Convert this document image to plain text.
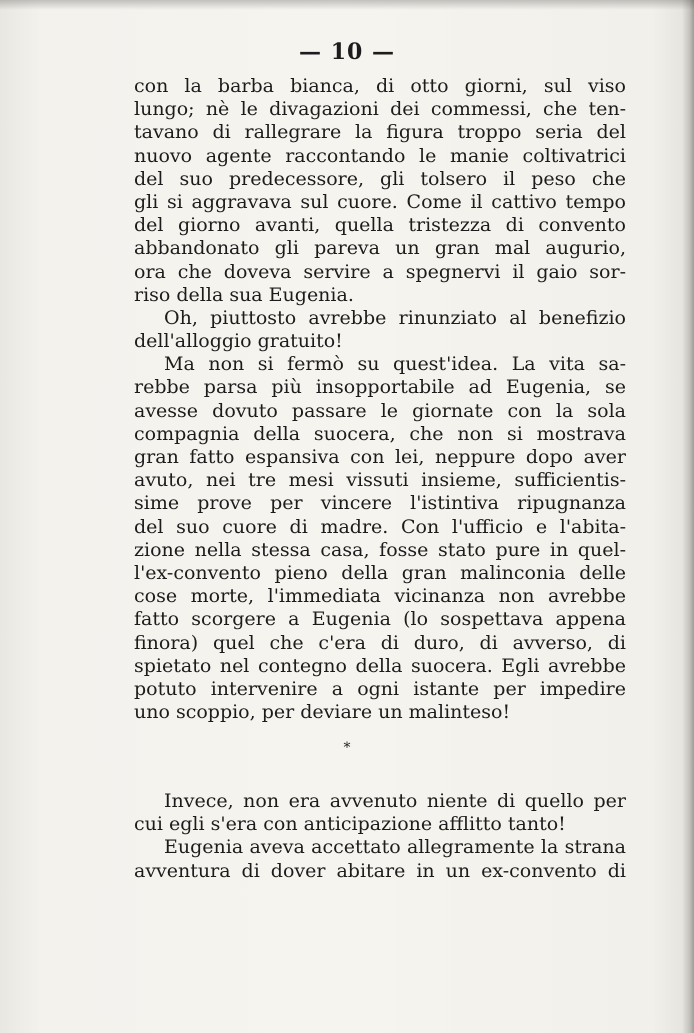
— 10 —
con la barba bianca, di otto giorni, sul viso
lungo; nè le divagazioni dei commessi, che ten-
tavano di rallegrare la figura troppo seria del
nuovo agente raccontando le manie coltivatrici
del suo predecessore, gli tolsero il peso che
gli si aggravava sul cuore. Come il cattivo tempo
del giorno avanti, quella tristezza di convento
abbandonato gli pareva un gran mal augurio,
ora che doveva servire a spegnervi il gaio sor-
riso della sua Eugenia.
Oh, piuttosto avrebbe rinunziato al benefizio
dell'alloggio gratuito!
Ma non si fermò su quest'idea. La vita sa-
rebbe parsa più insopportabile ad Eugenia, se
avesse dovuto passare le giornate con la sola
compagnia della suocera, che non si mostrava
gran fatto espansiva con lei, neppure dopo aver
avuto, nei tre mesi vissuti insieme, sufficientis-
sime prove per vincere l'istintiva ripugnanza
del suo cuore di madre. Con l'ufficio e l'abita-
zione nella stessa casa, fosse stato pure in quel-
l'ex-convento pieno della gran malinconia delle
cose morte, l'immediata vicinanza non avrebbe
fatto scorgere a Eugenia (lo sospettava appena
finora) quel che c'era di duro, di avverso, di
spietato nel contegno della suocera. Egli avrebbe
potuto intervenire a ogni istante per impedire
uno scoppio, per deviare un malinteso!
*
Invece, non era avvenuto niente di quello per
cui egli s'era con anticipazione afflitto tanto!
Eugenia aveva accettato allegramente la strana
avventura di dover abitare in un ex-convento di
